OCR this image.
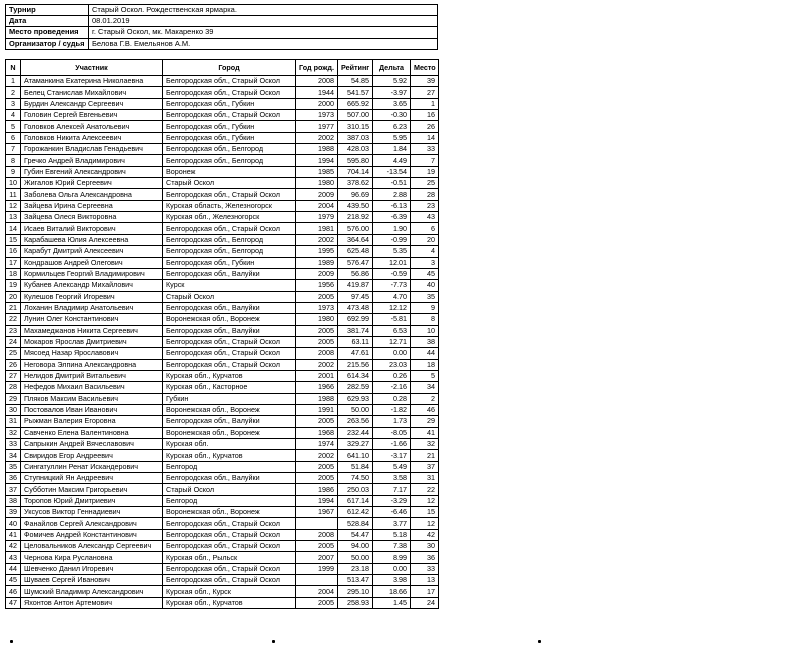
Турнир	Старый Оскол. Рождественская ярмарка.
Дата	08.01.2019
Место проведения	г. Старый Оскол, мк. Макаренко 39
Организатор / судья	Белова Г.В. Емельянов А.М.
N	Участник	Город	Год рожд.	Рейтинг	Дельта	Место
1	Атаманкина Екатерина Николаевна	Белгородская обл., Старый Оскол	2008	54.85	5.92	39
2	Белец Станислав Михайлович	Белгородская обл., Старый Оскол	1944	541.57	-3.97	27
3	Бурдин Александр Сергеевич	Белгородская обл., Губкин	2000	665.92	3.65	1
4	Головин Сергей Евгеньевич	Белгородская обл., Старый Оскол	1973	507.00	-0.30	16
5	Головков Алексей Анатольевич	Белгородская обл., Губкин	1977	310.15	6.23	26
6	Головков Никита Алексеевич	Белгородская обл., Губкин	2002	387.03	5.95	14
7	Горожанкин Владислав Генадьевич	Белгородская обл., Белгород	1988	428.03	1.84	33
8	Гречко Андрей Владимирович	Белгородская обл., Белгород	1994	595.80	4.49	7
9	Губин Евгений Александрович	Воронеж	1985	704.14	-13.54	19
10	Жигалов Юрий Сергеевич	Старый Оскол	1980	378.62	-0.51	25
11	Заболева Ольга Александровна	Белгородская обл., Старый Оскол	2009	96.69	2.88	28
12	Зайцева Ирина Сергеевна	Курская область, Железногорск	2004	439.50	-6.13	23
13	Зайцева Олеся Викторовна	Курская обл., Железногорск	1979	218.92	-6.39	43
14	Исаев Виталий Викторович	Белгородская обл., Старый Оскол	1981	576.00	1.90	6
15	Карабашева Юлия Алексеевна	Белгородская обл., Белгород	2002	364.64	-0.99	20
16	Карабут Дмитрий Алексеевич	Белгородская обл., Белгород	1995	625.48	5.35	4
17	Кондрашов Андрей Олегович	Белгородская обл., Губкин	1989	576.47	12.01	3
18	Кормильцев Георгий Владимирович	Белгородская обл., Валуйки	2009	56.86	-0.59	45
19	Кубанев Александр Михайлович	Курск	1956	419.87	-7.73	40
20	Кулешов Георгий Игоревич	Старый Оскол	2005	97.45	4.70	35
21	Лоханин Владимир Анатольевич	Белгородская обл., Валуйки	1973	473.48	12.12	9
22	Лунин Олег Константинович	Воронежская обл., Воронеж	1980	692.99	-5.81	8
23	Махамеджанов Никита Сергеевич	Белгородская обл., Валуйки	2005	381.74	6.53	10
24	Мокаров Ярослав Дмитриевич	Белгородская обл., Старый Оскол	2005	63.11	12.71	38
25	Мясоед Назар Ярославович	Белгородская обл., Старый Оскол	2008	47.61	0.00	44
26	Неговора Элпина Александровна	Белгородская обл., Старый Оскол	2002	215.56	23.03	18
27	Нелидов Дмитрий Витальевич	Курская обл., Курчатов	2001	614.34	0.26	5
28	Нефедов Михаил Васильевич	Курская обл., Касторное	1966	282.59	-2.16	34
29	Пляков Максим Васильевич	Губкин	1988	629.93	0.28	2
30	Постовалов Иван Иванович	Воронежская обл., Воронеж	1991	50.00	-1.82	46
31	Рыжман Валерия Егоровна	Белгородская обл., Валуйки	2005	263.56	1.73	29
32	Савченко Елена Валентиновна	Воронежская обл., Воронеж	1968	232.44	-8.05	41
33	Сапрыкин Андрей Вячеславович	Курская обл.	1974	329.27	-1.66	32
34	Свиридов Егор Андреевич	Курская обл., Курчатов	2002	641.10	-3.17	21
35	Сингатуллин Ренат Искандерович	Белгород	2005	51.84	5.49	37
36	Ступницкий Ян Андреевич	Белгородская обл., Валуйки	2005	74.50	3.58	31
37	Субботин Максим Григорьевич	Старый Оскол	1986	250.03	7.17	22
38	Торопов Юрий Дмитриевич	Белгород	1994	617.14	-3.29	12
39	Уксусов Виктор Геннадиевич	Воронежская обл., Воронеж	1967	612.42	-6.46	15
40	Фанайлов Сергей Александрович	Белгородская обл., Старый Оскол		528.84	3.77	12
41	Фомичев Андрей Константинович	Белгородская обл., Старый Оскол	2008	54.47	5.18	42
42	Целовальников Александр Сергеевич	Белгородская обл., Старый Оскол	2005	94.00	7.38	30
43	Чернова Кира Руслановна	Курская обл., Рыльск	2007	50.00	8.99	36
44	Шевченко Данил Игоревич	Белгородская обл., Старый Оскол	1999	23.18	0.00	33
45	Шуваев Сергей Иванович	Белгородская обл., Старый Оскол		513.47	3.98	13
46	Шумский Владимир Александрович	Курская обл., Курск	2004	295.10	18.66	17
47	Яхонтов Антон Артемович	Курская обл., Курчатов	2005	258.93	1.45	24
